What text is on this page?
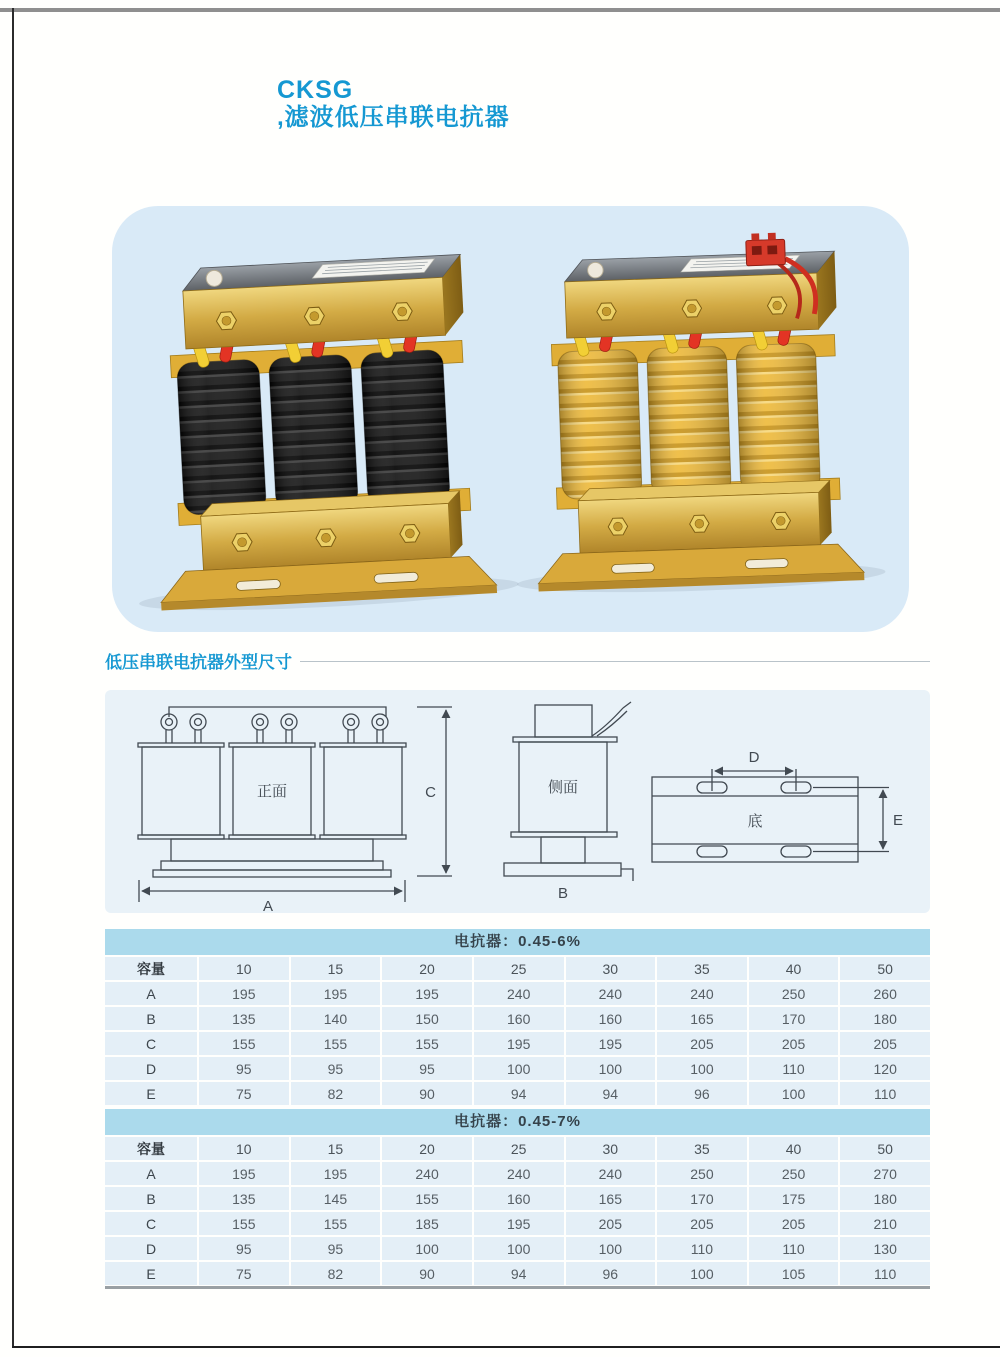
CKSG
,滤波低压串联电抗器
低压串联电抗器外型尺寸
A
C
正面	侧面
B
D
E
底
电抗器：0.45-6%
容量	10	15	20	25	30	35	40	50
A	195	195	195	240	240	240	250	260
B	135	140	150	160	160	165	170	180
C	155	155	155	195	195	205	205	205
D	95	95	95	100	100	100	110	120
E	75	82	90	94	94	96	100	110
电抗器：0.45-7%
容量	10	15	20	25	30	35	40	50
A	195	195	240	240	240	250	250	270
B	135	145	155	160	165	170	175	180
C	155	155	185	195	205	205	205	210
D	95	95	100	100	100	110	110	130
E	75	82	90	94	96	100	105	110
